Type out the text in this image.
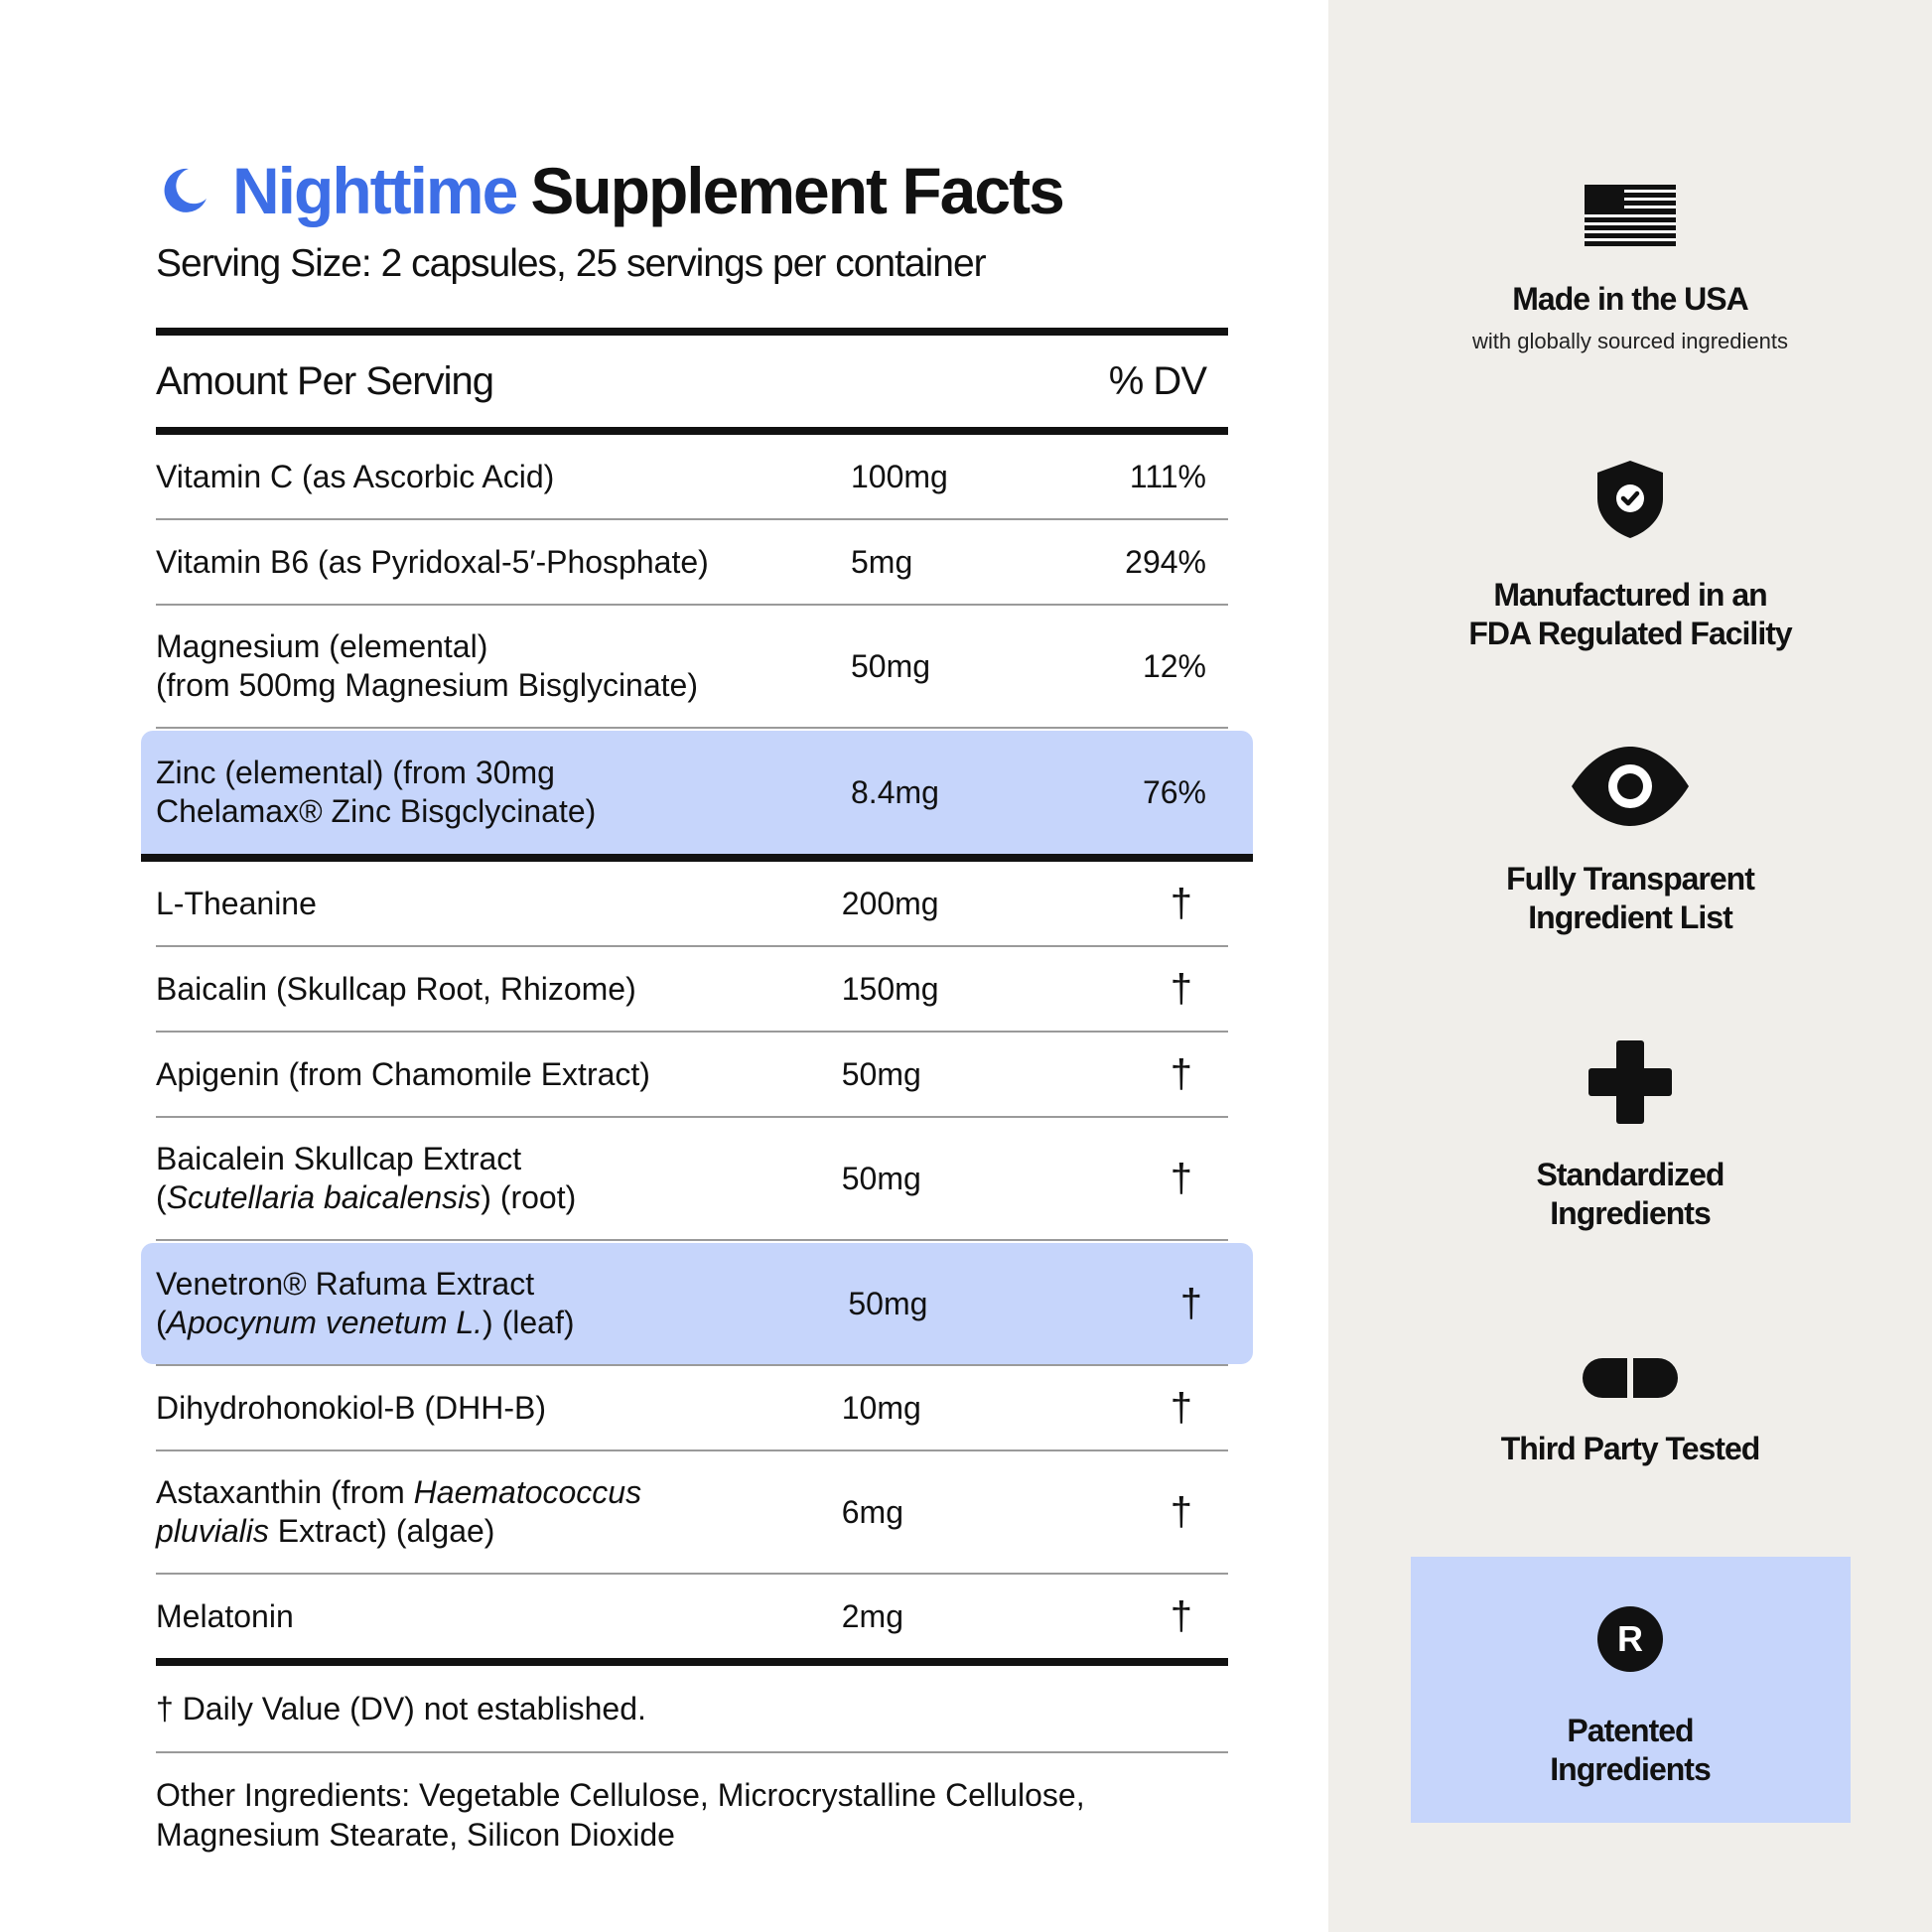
Nighttime Supplement Facts
Serving Size: 2 capsules, 25 servings per container
Amount Per Serving	% DV
Vitamin C (as Ascorbic Acid)	100mg	111%
Vitamin B6 (as Pyridoxal-5′-Phosphate)	5mg	294%
Magnesium (elemental)
(from 500mg Magnesium Bisglycinate)
50mg	12%
Zinc (elemental) (from 30mg
Chelamax® Zinc Bisgclycinate)
8.4mg	76%
L-Theanine	200mg	†
Baicalin (Skullcap Root, Rhizome)	150mg	†
Apigenin (from Chamomile Extract)	50mg	†
Baicalein Skullcap Extract
(Scutellaria baicalensis) (root)
50mg	†
Venetron® Rafuma Extract
(Apocynum venetum L.) (leaf)
50mg	†
Dihydrohonokiol-B (DHH-B)	10mg	†
Astaxanthin (from Haematococcus
pluvialis Extract) (algae)
6mg	†
Melatonin	2mg	†
† Daily Value (DV) not established.
Other Ingredients: Vegetable Cellulose, Microcrystalline Cellulose, Magnesium Stearate, Silicon Dioxide
Made in the USA
with globally sourced ingredients
Manufactured in an
FDA Regulated Facility
Fully Transparent
Ingredient List
Standardized
Ingredients
Third Party Tested
R
Patented
Ingredients
